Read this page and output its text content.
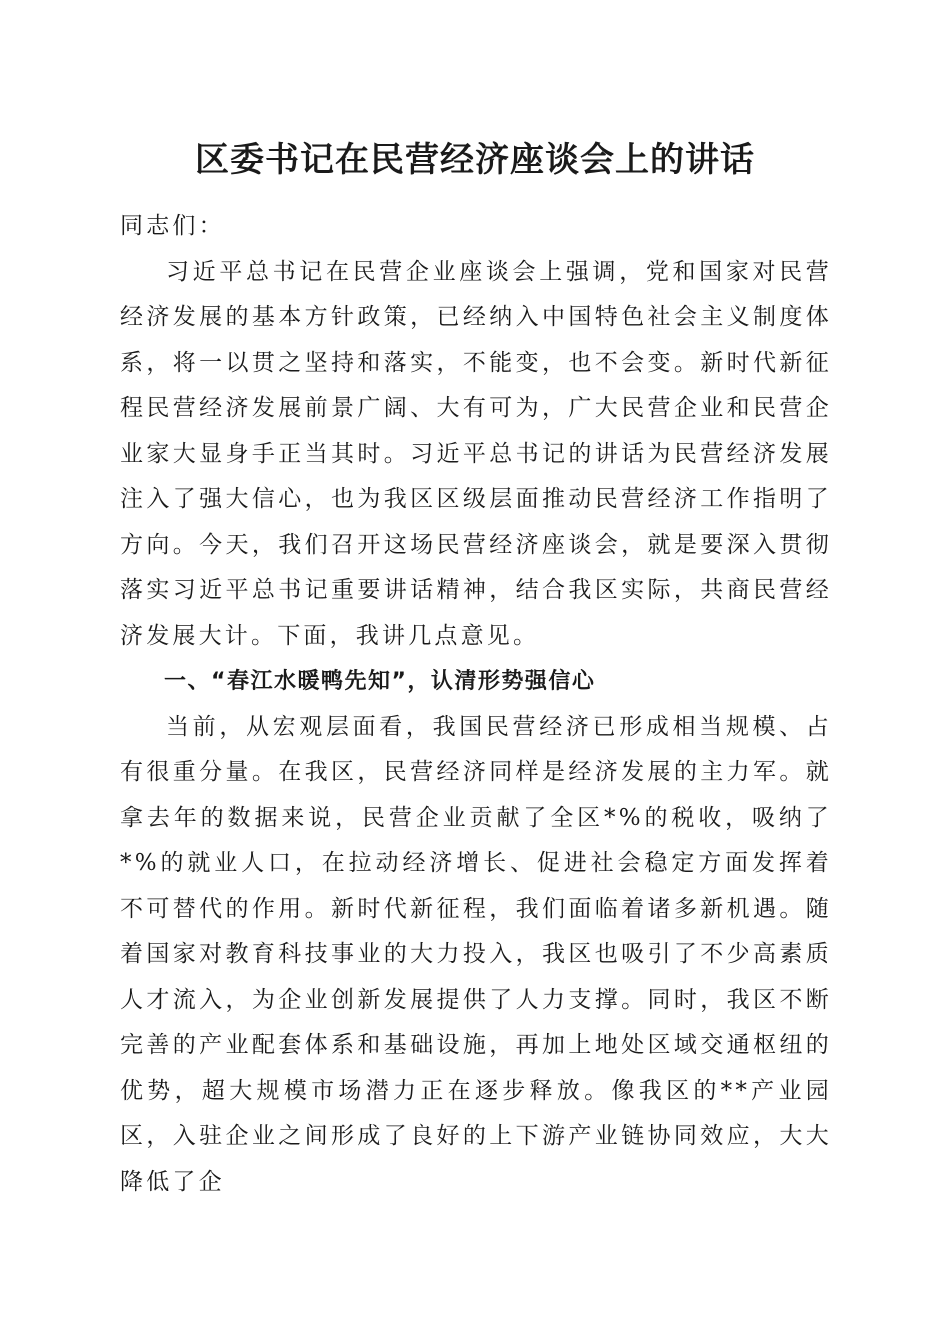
区委书记在民营经济座谈会上的讲话

同志们：

习近平总书记在民营企业座谈会上强调，党和国家对民营经济发展的基本方针政策，已经纳入中国特色社会主义制度体系，将一以贯之坚持和落实，不能变，也不会变。新时代新征程民营经济发展前景广阔、大有可为，广大民营企业和民营企业家大显身手正当其时。习近平总书记的讲话为民营经济发展注入了强大信心，也为我区区级层面推动民营经济工作指明了方向。今天，我们召开这场民营经济座谈会，就是要深入贯彻落实习近平总书记重要讲话精神，结合我区实际，共商民营经济发展大计。下面，我讲几点意见。

一、“春江水暖鸭先知”，认清形势强信心

当前，从宏观层面看，我国民营经济已形成相当规模、占有很重分量。在我区，民营经济同样是经济发展的主力军。就拿去年的数据来说，民营企业贡献了全区*%的税收，吸纳了*%的就业人口，在拉动经济增长、促进社会稳定方面发挥着不可替代的作用。新时代新征程，我们面临着诸多新机遇。随着国家对教育科技事业的大力投入，我区也吸引了不少高素质人才流入，为企业创新发展提供了人力支撑。同时，我区不断完善的产业配套体系和基础设施，再加上地处区域交通枢纽的优势，超大规模市场潜力正在逐步释放。像我区的**产业园区，入驻企业之间形成了良好的上下游产业链协同效应，大大降低了企
